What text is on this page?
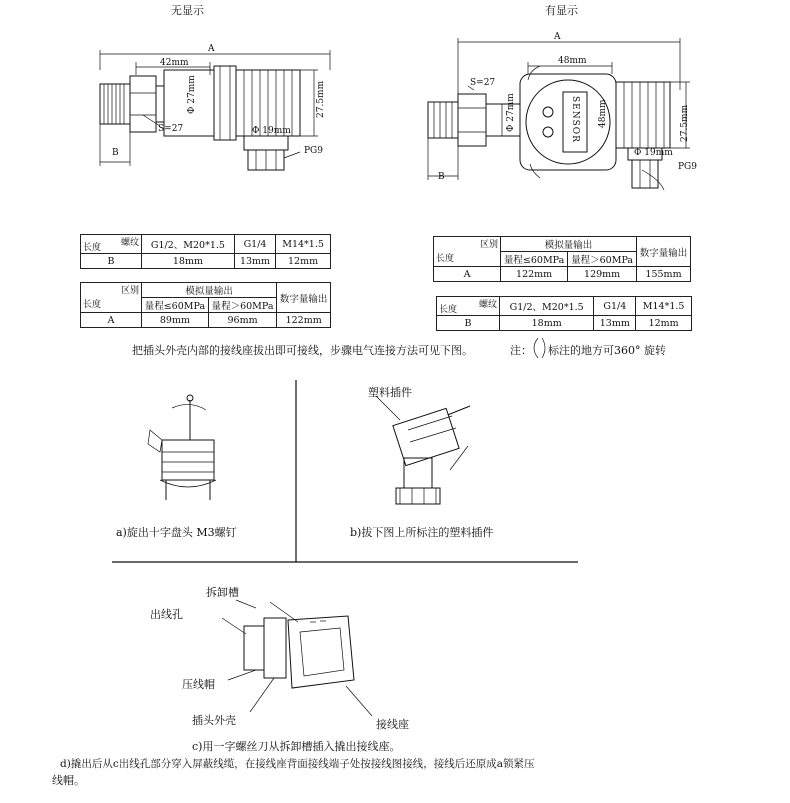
无显示	有显示
42mm
A
Φ 27mm	27.5mm
S=27	Φ 19mm
PG9
B
A
48mm
48mm
S=27
Φ 27mm	27.5mm
Φ 19mm
PG9
SENSOR
B
螺纹
长度	G1/2、M20*1.5	G1/4	M14*1.5
B	18mm	13mm	12mm
区别
长度	模拟量输出		数字量输出
	量程≤60MPa	量程＞60MPa	
A	89mm	96mm	122mm
区别
长度	模拟量输出		数字量输出
	量程≤60MPa	量程＞60MPa	
A	122mm	129mm	155mm
螺纹
长度	G1/2、M20*1.5	G1/4	M14*1.5
B	18mm	13mm	12mm
把插头外壳内部的接线座拔出即可接线，步骤电气连接方法可见下图。	注： 标注的地方可360° 旋转
a)旋出十字盘头 M3螺钉
塑料插件
b)拔下图上所标注的塑料插件
拆卸槽
出线孔
压线帽
插头外壳	接线座
c)用一字螺丝刀从拆卸槽插入撬出接线座。
d)撬出后从c出线孔部分穿入屏蔽线缆，在接线座背面接线端子处按接线图接线，接线后还原成a锁紧压
线帽。
